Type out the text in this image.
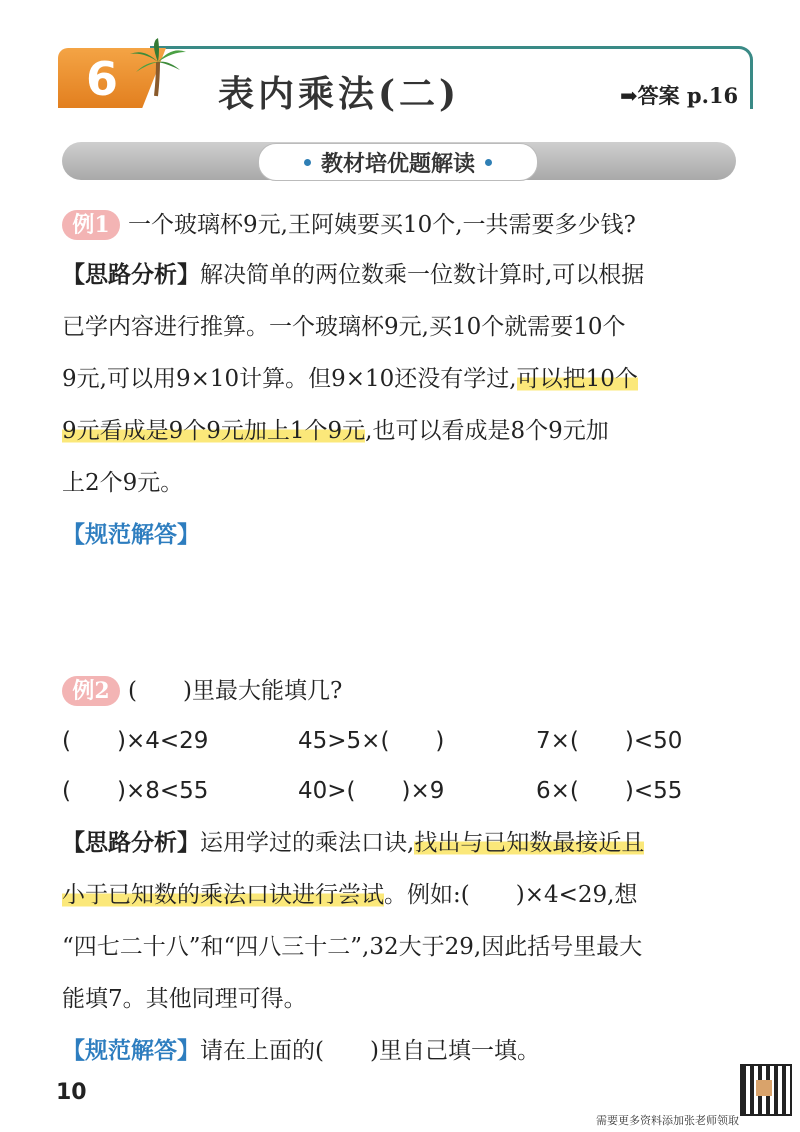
6	表内乘法(二)	➡答案 p.16
教材培优题解读
例1 一个玻璃杯9元,王阿姨要买10个,一共需要多少钱?
【思路分析】解决简单的两位数乘一位数计算时,可以根据
已学内容进行推算。一个玻璃杯9元,买10个就需要10个
9元,可以用9×10计算。但9×10还没有学过,可以把10个
9元看成是9个9元加上1个9元,也可以看成是8个9元加
上2个9元。
【规范解答】
例2 (　　)里最大能填几?
(　　)×4<29	45>5×(　　)	7×(　　)<50
(　　)×8<55	40>(　　)×9	6×(　　)<55
【思路分析】运用学过的乘法口诀,找出与已知数最接近且
小于已知数的乘法口诀进行尝试。例如:(　　)×4<29,想
“四七二十八”和“四八三十二”,32大于29,因此括号里最大
能填7。其他同理可得。
【规范解答】请在上面的(　　)里自己填一填。
10
需要更多资料添加张老师领取
